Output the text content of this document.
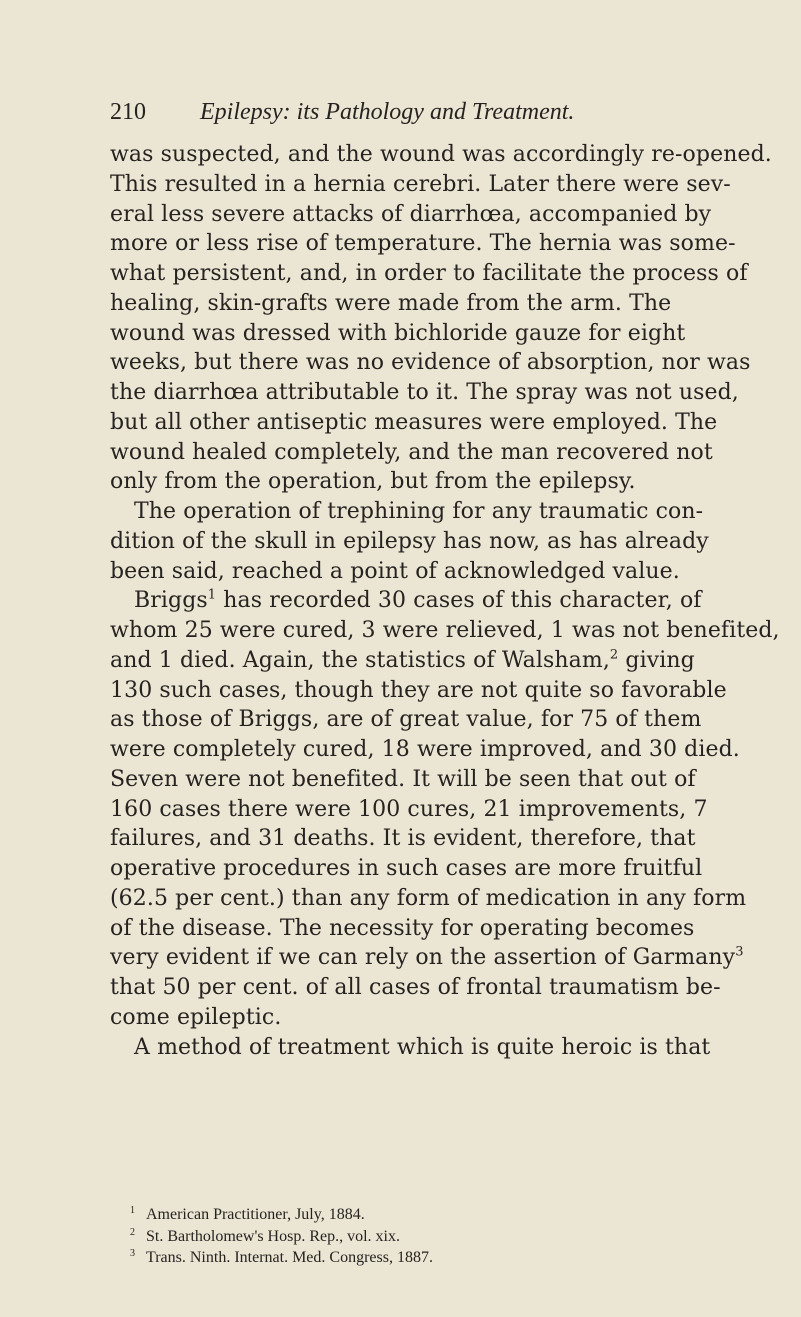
210 Epilepsy: its Pathology and Treatment.
was suspected, and the wound was accordingly re-opened.
This resulted in a hernia cerebri. Later there were sev-
eral less severe attacks of diarrhœa, accompanied by
more or less rise of temperature. The hernia was some-
what persistent, and, in order to facilitate the process of
healing, skin-grafts were made from the arm. The
wound was dressed with bichloride gauze for eight
weeks, but there was no evidence of absorption, nor was
the diarrhœa attributable to it. The spray was not used,
but all other antiseptic measures were employed. The
wound healed completely, and the man recovered not
only from the operation, but from the epilepsy.
The operation of trephining for any traumatic con-
dition of the skull in epilepsy has now, as has already
been said, reached a point of acknowledged value.
Briggs$^1$ has recorded 30 cases of this character, of
whom 25 were cured, 3 were relieved, 1 was not benefited,
and 1 died. Again, the statistics of Walsham,$^2$ giving
130 such cases, though they are not quite so favorable
as those of Briggs, are of great value, for 75 of them
were completely cured, 18 were improved, and 30 died.
Seven were not benefited. It will be seen that out of
160 cases there were 100 cures, 21 improvements, 7
failures, and 31 deaths. It is evident, therefore, that
operative procedures in such cases are more fruitful
(62.5 per cent.) than any form of medication in any form
of the disease. The necessity for operating becomes
very evident if we can rely on the assertion of Garmany$^3$
that 50 per cent. of all cases of frontal traumatism be-
come epileptic.
A method of treatment which is quite heroic is that
1 American Practitioner, July, 1884.
2 St. Bartholomew's Hosp. Rep., vol. xix.
3 Trans. Ninth. Internat. Med. Congress, 1887.
